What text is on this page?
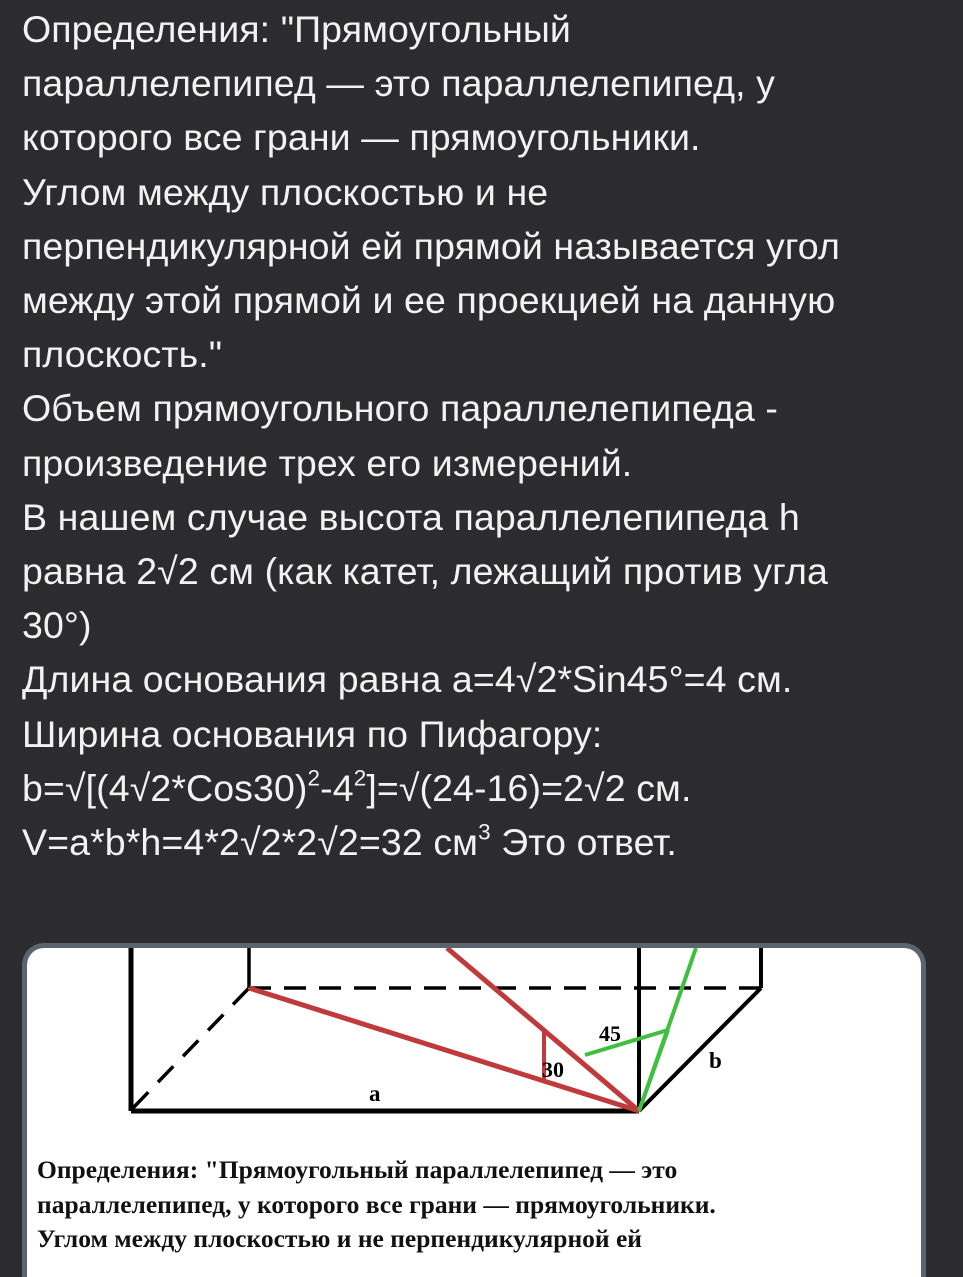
Определения: "Прямоугольный
параллелепипед — это параллелепипед, у
которого все грани — прямоугольники.
Углом между плоскостью и не
перпендикулярной ей прямой называется угол
между этой прямой и ее проекцией на данную
плоскость."
Объем прямоугольного параллелепипеда -
произведение трех его измерений.
В нашем случае высота параллелепипеда h
равна 2√2 см (как катет, лежащий против угла
30°)
Длина основания равна a=4√2*Sin45°=4 см.
Ширина основания по Пифагору:
$b=√[(4√2*Cos30)^2-4^2]=√(24-16)=2√2$ см.
V=a*b*h=4*2√2*2√2=32 $см^3$ Это ответ.
a
b
30
45
Определения: "Прямоугольный параллелепипед — это
параллелепипед, у которого все грани — прямоугольники.
Углом между плоскостью и не перпендикулярной ей
